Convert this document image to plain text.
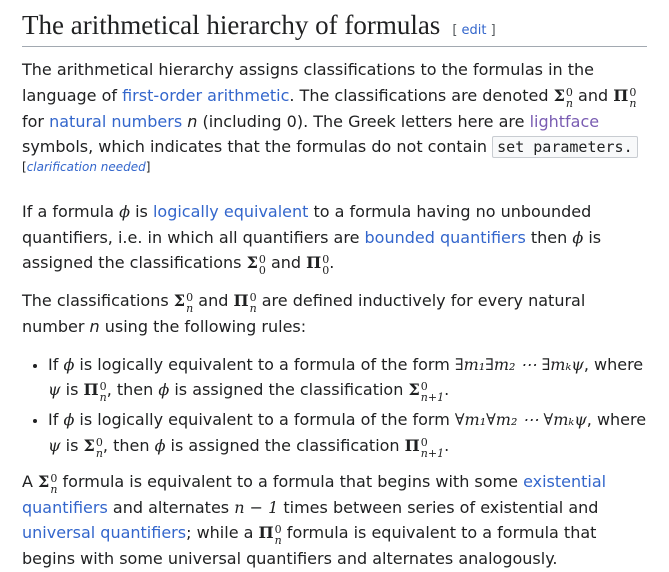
The arithmetical hierarchy of formulas [ edit ]

The arithmetical hierarchy assigns classifications to the formulas in the language of first-order arithmetic. The classifications are denoted Σ 0
n and Π 0
n
for natural numbers n (including 0). The Greek letters here are lightface symbols, which indicates that the formulas do not contain set parameters.[clarification needed]

If a formula ϕ is logically equivalent to a formula having no unbounded quantifiers, i.e. in which all quantifiers are bounded quantifiers then ϕ is assigned the classifications Σ 0
0 and Π 0
0 .

The classifications Σ 0
n and Π 0
n are defined inductively for every natural number n using the following rules:

• If ϕ is logically equivalent to a formula of the form ∃m₁∃m₂ ⋯ ∃mₖψ, where ψ is Π 0
n , then ϕ is assigned the classification Σ 0
n+1 .
• If ϕ is logically equivalent to a formula of the form ∀m₁∀m₂ ⋯ ∀mₖψ, where ψ is Σ 0
n , then ϕ is assigned the classification Π 0
n+1 .

A Σ 0
n formula is equivalent to a formula that begins with some existential quantifiers and alternates n − 1 times between series of existential and universal quantifiers; while a Π 0
n formula is equivalent to a formula that begins with some universal quantifiers and alternates analogously.
